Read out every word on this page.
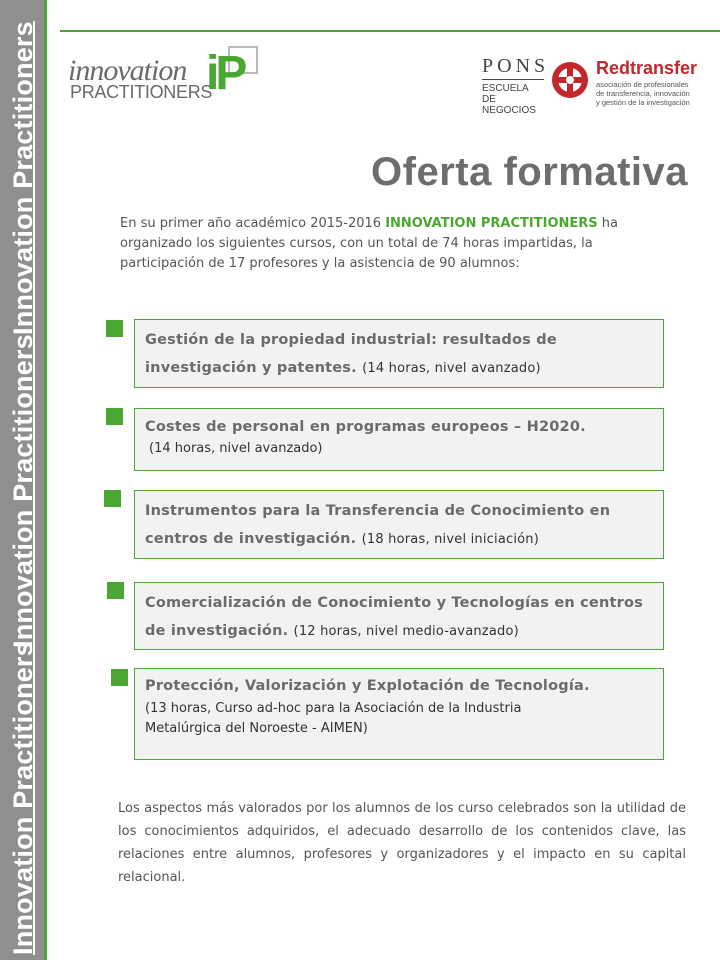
Innovation Practitioners
Innovation Practitioners
Innovation Practitioners
innovation
PRACTITIONERS
iP	PONS
ESCUELA DE
NEGOCIOS
Redtransfer
asociación de profesionales de transferencia, innovación y gestión de la investigación
Oferta formativa
En su primer año académico 2015-2016 INNOVATION PRACTITIONERS ha organizado los siguientes cursos, con un total de 74 horas impartidas, la participación de 17 profesores y la asistencia de 90 alumnos:
Gestión de la propiedad industrial: resultados de investigación y patentes. (14 horas, nivel avanzado)
Costes de personal en programas europeos – H2020.
(14 horas, nivel avanzado)
Instrumentos para la Transferencia de Conocimiento en centros de investigación. (18 horas, nivel iniciación)
Comercialización de Conocimiento y Tecnologías en centros de investigación. (12 horas, nivel medio-avanzado)
Protección, Valorización y Explotación de Tecnología.
(13 horas, Curso ad-hoc para la Asociación de la Industria Metalúrgica del Noroeste - AIMEN)
Los aspectos más valorados por los alumnos de los curso celebrados son la utilidad de los conocimientos adquiridos, el adecuado desarrollo de los contenidos clave, las relaciones entre alumnos, profesores y organizadores y el impacto en su capital relacional.
